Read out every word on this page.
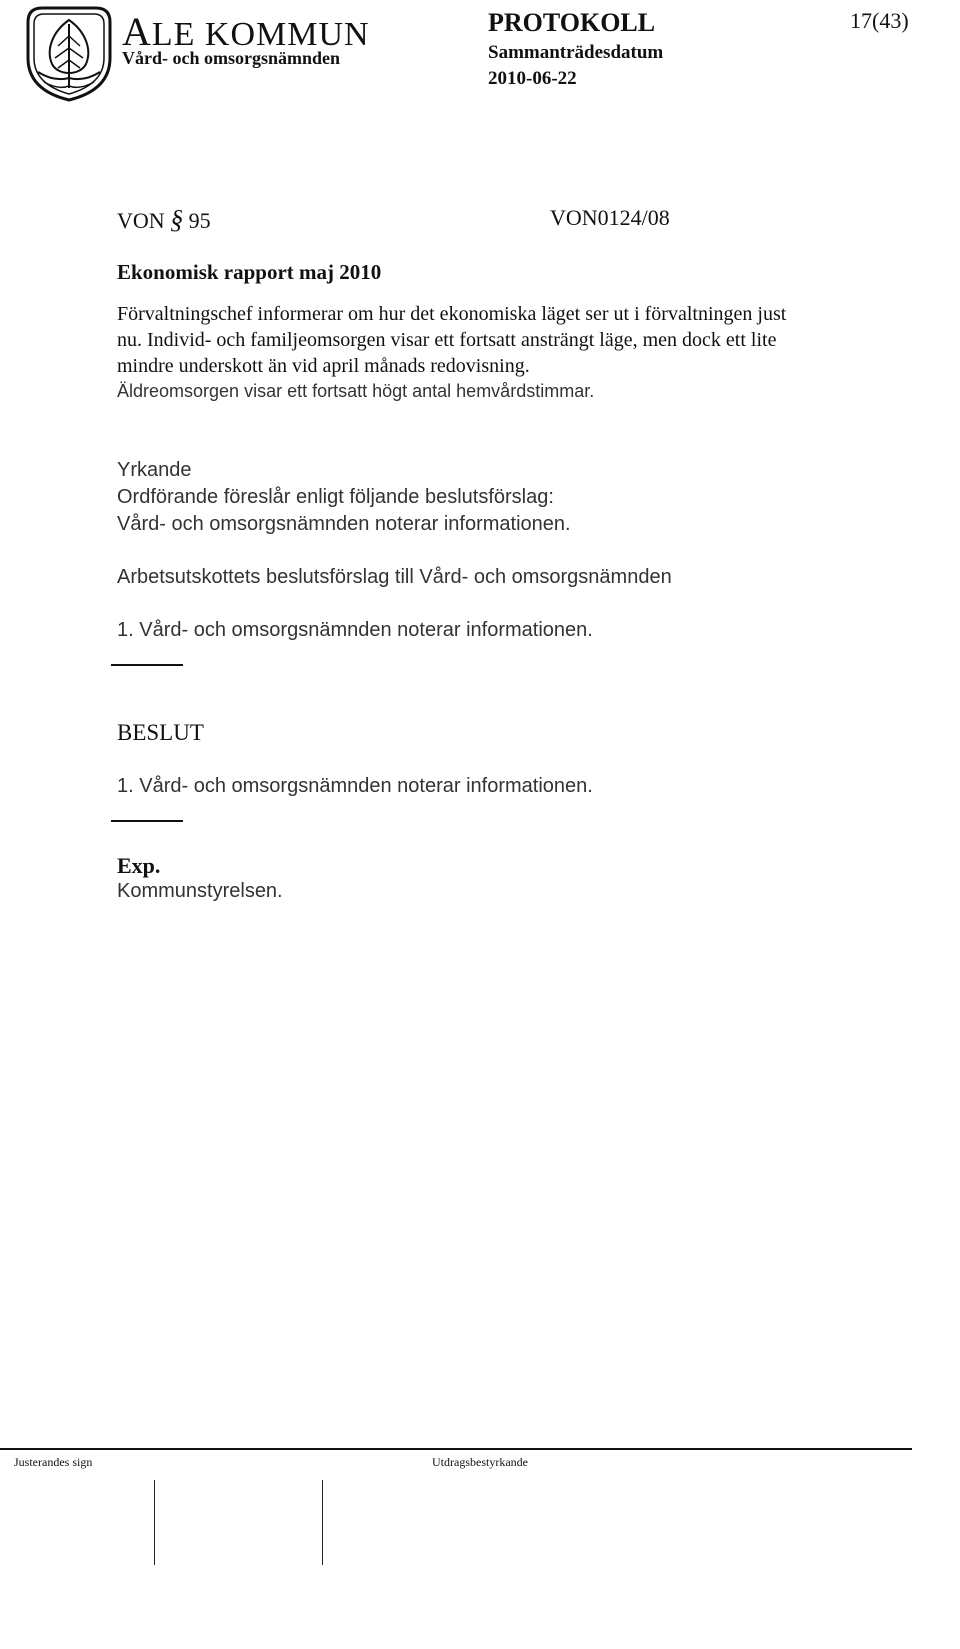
ALE KOMMUN
Vård- och omsorgsnämnden
PROTOKOLL	17(43)
Sammanträdesdatum
2010-06-22
VON § 95	VON0124/08
Ekonomisk rapport maj 2010
Förvaltningschef informerar om hur det ekonomiska läget ser ut i förvaltningen just
nu. Individ- och familjeomsorgen visar ett fortsatt ansträngt läge, men dock ett lite
mindre underskott än vid april månads redovisning.
Äldreomsorgen visar ett fortsatt högt antal hemvårdstimmar.
Yrkande
Ordförande föreslår enligt följande beslutsförslag:
Vård- och omsorgsnämnden noterar informationen.
Arbetsutskottets beslutsförslag till Vård- och omsorgsnämnden
1. Vård- och omsorgsnämnden noterar informationen.
BESLUT
1. Vård- och omsorgsnämnden noterar informationen.
Exp.
Kommunstyrelsen.
Justerandes sign	Utdragsbestyrkande
